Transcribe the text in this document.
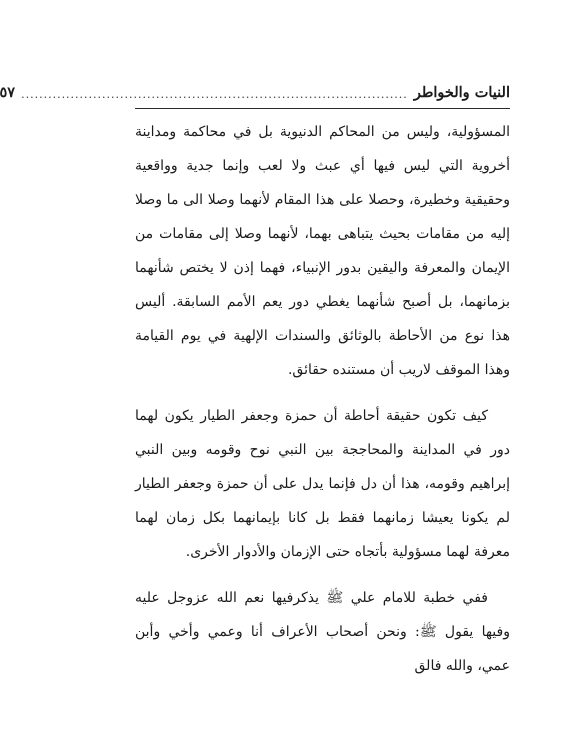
النيات والخواطر
......................................................................................
٥٧

المسؤولية، وليس من المحاكم الدنيوية بل في محاكمة ومداينة أخروية التي ليس فيها أي عبث ولا لعب وإنما جدية وواقعية وحقيقية وخطيرة، وحصلا على هذا المقام لأنهما وصلا الى ما وصلا إليه من مقامات بحيث يتباهى بهما، لأنهما وصلا إلى مقامات من الإيمان والمعرفة واليقين بدور الإنبياء، فهما إذن لا يختص شأنهما بزمانهما، بل أصبح شأنهما يغطي دور يعم الأمم السابقة. أليس هذا نوع من الأحاطة بالوثائق والسندات الإلهية في يوم القيامة وهذا الموقف لاريب أن مستنده حقائق.

كيف تكون حقيقة أحاطة أن حمزة وجعفر الطيار يكون لهما دور في المداينة والمحاججة بين النبي نوح وقومه وبين النبي إبراهيم وقومه، هذا أن دل فإنما يدل على أن حمزة وجعفر الطيار لم يكونا يعيشا زمانهما فقط بل كانا بإيمانهما بكل زمان لهما معرفة لهما مسؤولية بأتجاه حتى الإزمان والأدوار الأخرى.

ففي خطبة للامام علي ﷺ يذكرفيها نعم الله عزوجل عليه وفيها يقول ﷺ: ونحن أصحاب الأعراف أنا وعمي وأخي وأبن عمي، والله فالق
